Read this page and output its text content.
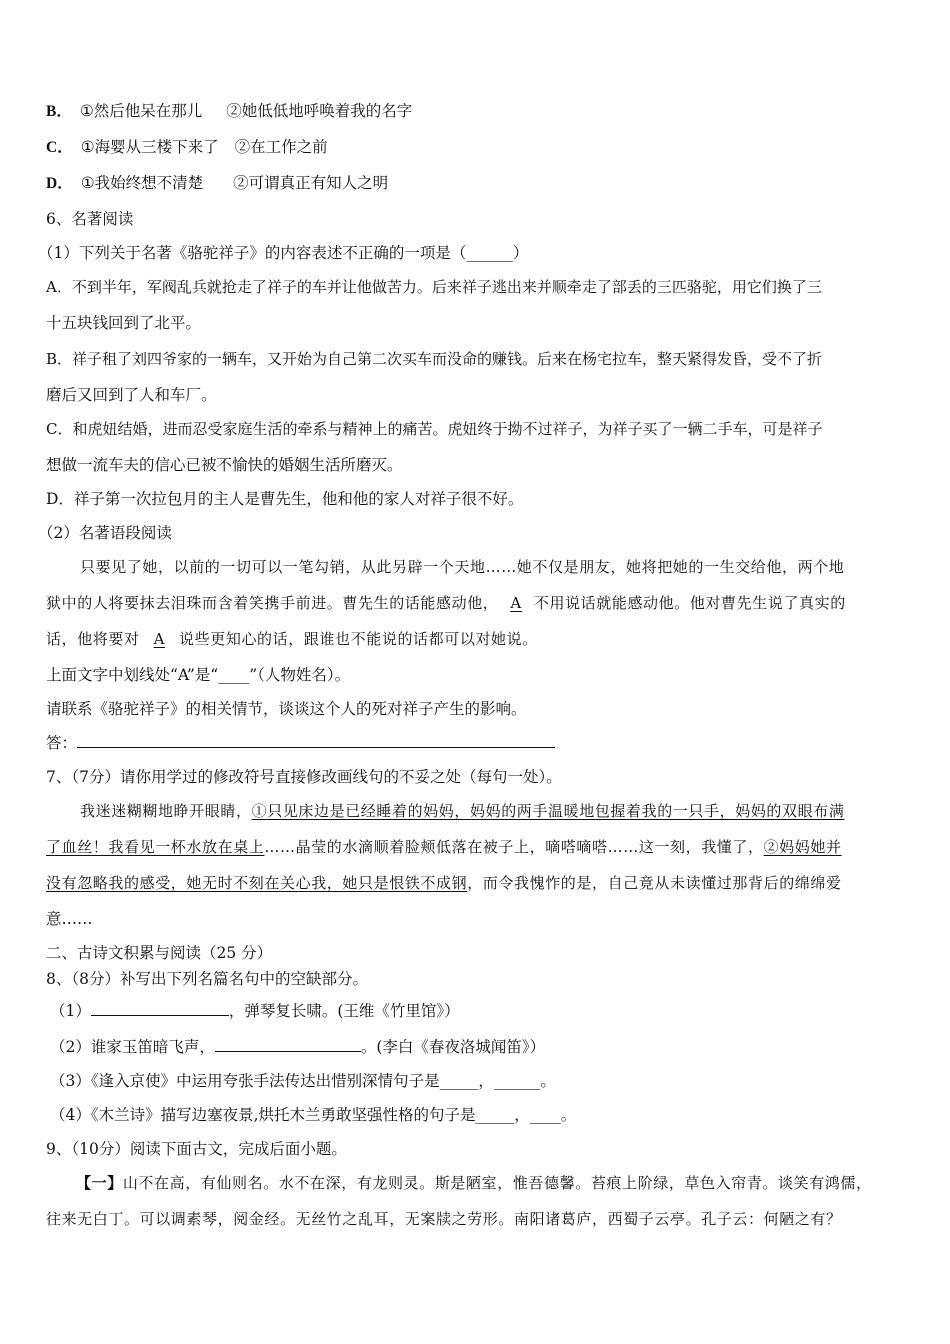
B． ①然后他呆在那儿 ②她低低地呼唤着我的名字
C． ①海婴从三楼下来了 ②在工作之前
D． ①我始终想不清楚 ②可谓真正有知人之明
6、名著阅读
（1）下列关于名著《骆驼祥子》的内容表述不正确的一项是（______）
A．不到半年，军阀乱兵就抢走了祥子的车并让他做苦力。后来祥子逃出来并顺牵走了部丢的三匹骆驼，用它们换了三
十五块钱回到了北平。
B．祥子租了刘四爷家的一辆车，又开始为自己第二次买车而没命的赚钱。后来在杨宅拉车，整天紧得发昏，受不了折
磨后又回到了人和车厂。
C．和虎妞结婚，进而忍受家庭生活的牵系与精神上的痛苦。虎妞终于拗不过祥子，为祥子买了一辆二手车，可是祥子
想做一流车夫的信心已被不愉快的婚姻生活所磨灭。
D．祥子第一次拉包月的主人是曹先生，他和他的家人对祥子很不好。
（2）名著语段阅读
只要见了她，以前的一切可以一笔勾销，从此另辟一个天地……她不仅是朋友，她将把她的一生交给他，两个地
狱中的人将要抹去泪珠而含着笑携手前进。曹先生的话能感动他， A 不用说话就能感动他。他对曹先生说了真实的
话，他将要对 A 说些更知心的话，跟谁也不能说的话都可以对她说。
上面文字中划线处“A”是“____”（人物姓名）。
请联系《骆驼祥子》的相关情节，谈谈这个人的死对祥子产生的影响。
答：
7、（7分）请你用学过的修改符号直接修改画线句的不妥之处（每句一处）。
我迷迷糊糊地睁开眼睛，①只见床边是已经睡着的妈妈，妈妈的两手温暖地包握着我的一只手，妈妈的双眼布满
了血丝！我看见一杯水放在桌上……晶莹的水滴顺着脸颊低落在被子上，嘀嗒嘀嗒……这一刻，我懂了，②妈妈她并
没有忽略我的感受，她无时不刻在关心我，她只是恨铁不成钢，而令我愧怍的是，自己竟从未读懂过那背后的绵绵爱
意……
二、古诗文积累与阅读（25 分）
8、（8分）补写出下列名篇名句中的空缺部分。
（1）	，弹琴复长啸。(王维《竹里馆》）
（2）谁家玉笛暗飞声，	。(李白《春夜洛城闻笛》）
（3）《逢入京使》中运用夸张手法传达出惜别深情句子是_____，______。
（4）《木兰诗》描写边塞夜景,烘托木兰勇敢坚强性格的句子是_____，____。
9、（10分）阅读下面古文，完成后面小题。
【一】山不在高，有仙则名。水不在深，有龙则灵。斯是陋室，惟吾德馨。苔痕上阶绿，草色入帘青。谈笑有鸿儒，
往来无白丁。可以调素琴，阅金经。无丝竹之乱耳，无案牍之劳形。南阳诸葛庐，西蜀子云亭。孔子云：何陋之有？
